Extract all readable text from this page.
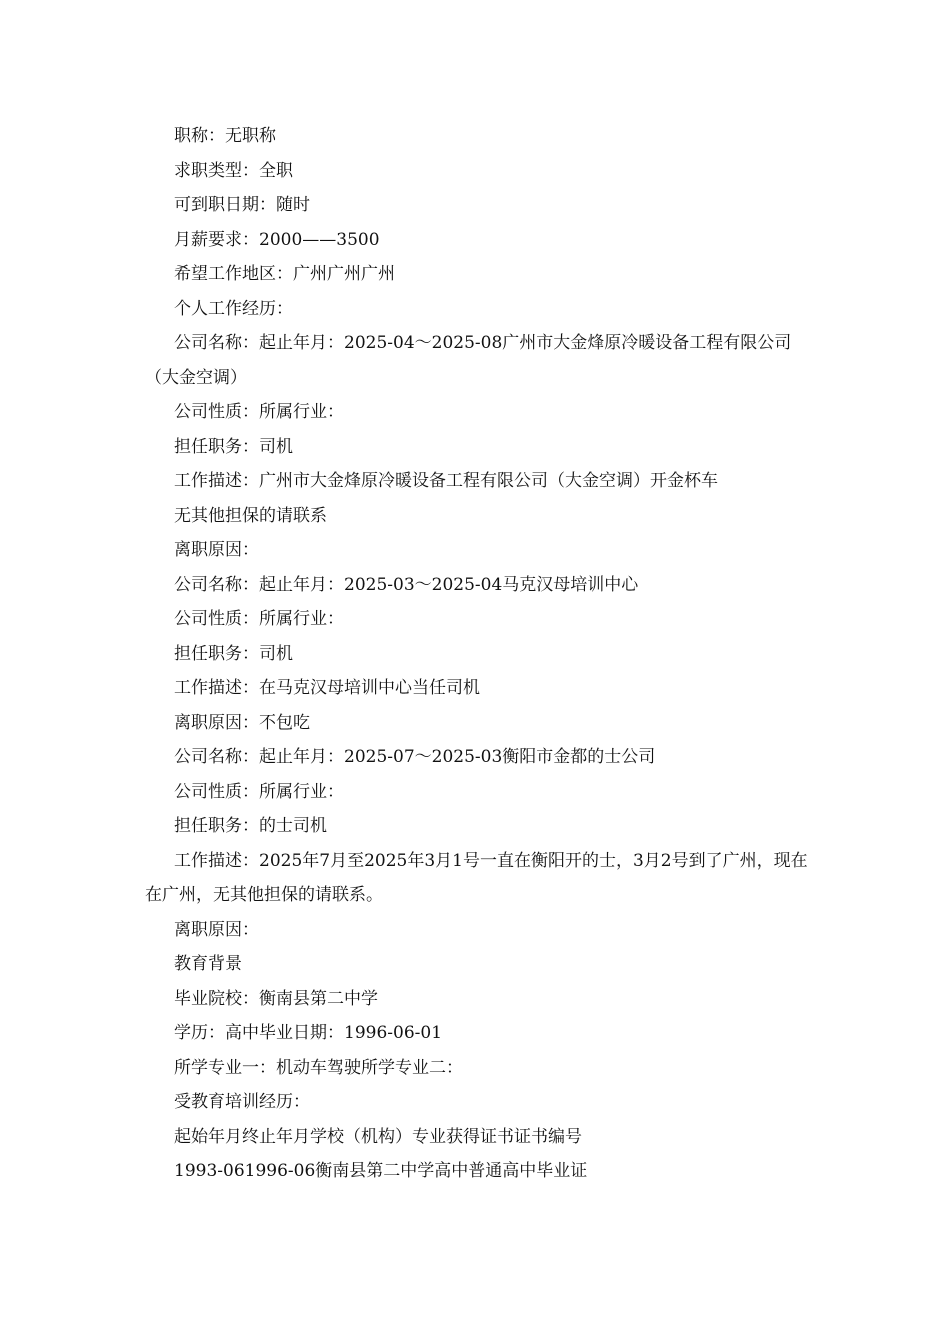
职称：无职称

求职类型：全职

可到职日期：随时

月薪要求：2000——3500

希望工作地区：广州广州广州

个人工作经历：

公司名称：起止年月：2025-04～2025-08广州市大金烽原冷暖设备工程有限公司（大金空调）

公司性质：所属行业：

担任职务：司机

工作描述：广州市大金烽原冷暖设备工程有限公司（大金空调）开金杯车

无其他担保的请联系

离职原因：

公司名称：起止年月：2025-03～2025-04马克汉母培训中心

公司性质：所属行业：

担任职务：司机

工作描述：在马克汉母培训中心当任司机

离职原因：不包吃

公司名称：起止年月：2025-07～2025-03衡阳市金都的士公司

公司性质：所属行业：

担任职务：的士司机

工作描述：2025年7月至2025年3月1号一直在衡阳开的士，3月2号到了广州，现在在广州，无其他担保的请联系。

离职原因：

教育背景

毕业院校：衡南县第二中学

学历：高中毕业日期：1996-06-01

所学专业一：机动车驾驶所学专业二：

受教育培训经历：

起始年月终止年月学校（机构）专业获得证书证书编号

1993-061996-06衡南县第二中学高中普通高中毕业证
